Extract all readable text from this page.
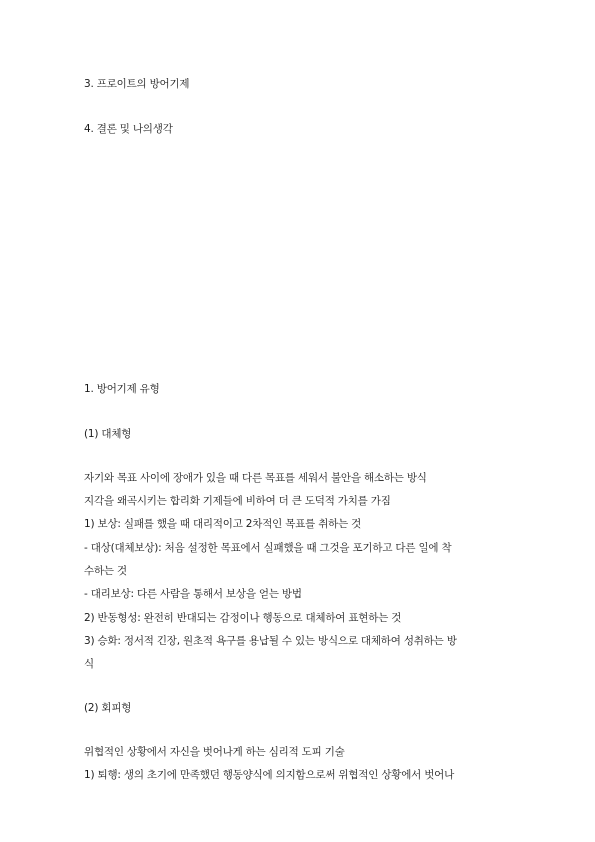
3. 프로이트의 방어기제
4. 결론 및 나의생각
1. 방어기제 유형
(1) 대체형
자기와 목표 사이에 장애가 있을 때 다른 목표를 세워서 불안을 해소하는 방식
지각을 왜곡시키는 합리화 기제들에 비하여 더 큰 도덕적 가치를 가짐
1) 보상: 실패를 했을 때 대리적이고 2차적인 목표를 취하는 것
- 대상(대체보상): 처음 설정한 목표에서 실패했을 때 그것을 포기하고 다른 일에 착
수하는 것
- 대리보상: 다른 사람을 통해서 보상을 얻는 방법
2) 반동형성: 완전히 반대되는 감정이나 행동으로 대체하여 표현하는 것
3) 승화: 정서적 긴장, 원초적 욕구를 용납될 수 있는 방식으로 대체하여 성취하는 방
식
(2) 회피형
위협적인 상황에서 자신을 벗어나게 하는 심리적 도피 기술
1) 퇴행: 생의 초기에 만족했던 행동양식에 의지함으로써 위협적인 상황에서 벗어나
